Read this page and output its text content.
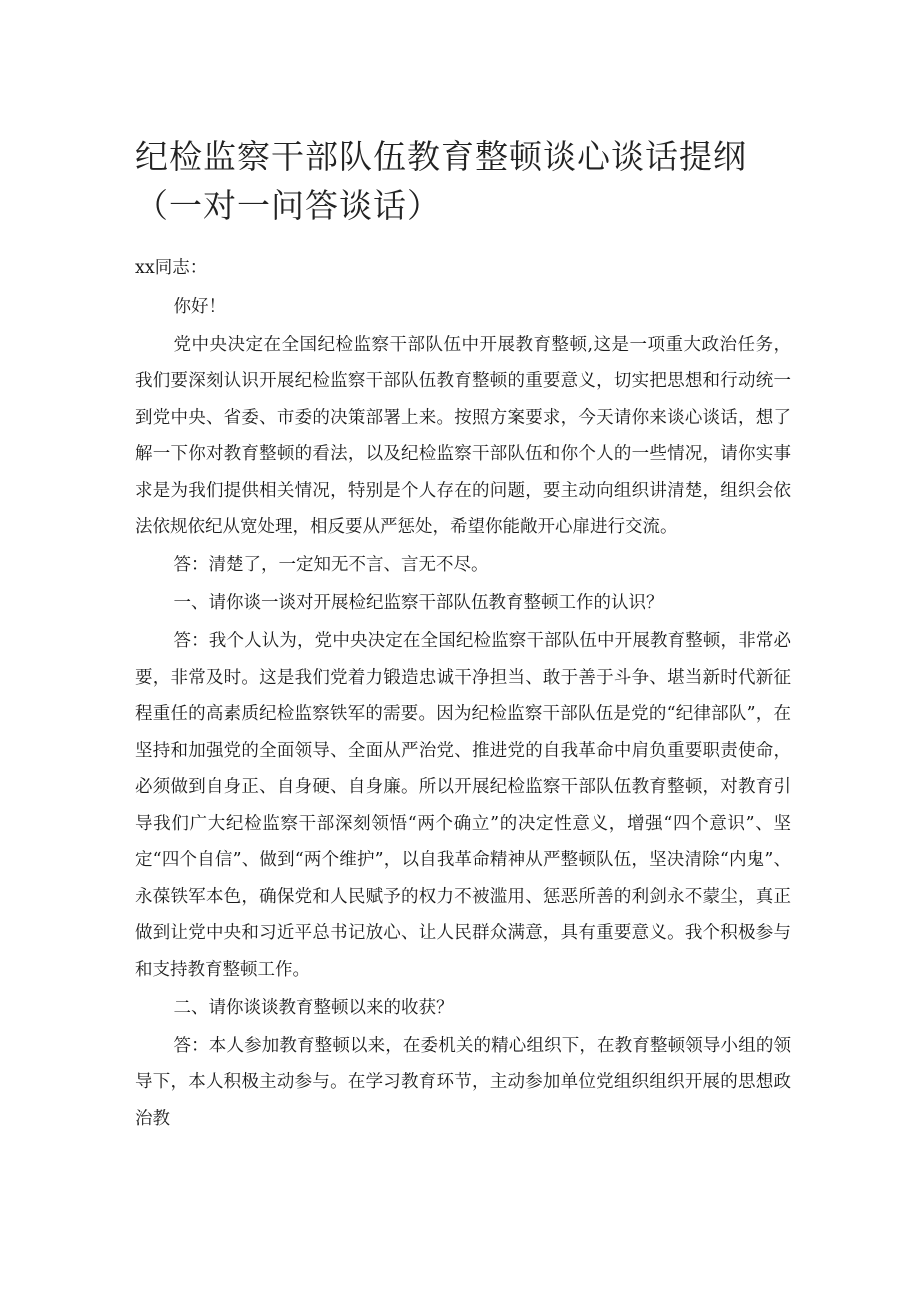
纪检监察干部队伍教育整顿谈心谈话提纲（一对一问答谈话）

xx同志：

你好！

党中央决定在全国纪检监察干部队伍中开展教育整顿,这是一项重大政治任务，我们要深刻认识开展纪检监察干部队伍教育整顿的重要意义，切实把思想和行动统一到党中央、省委、市委的决策部署上来。按照方案要求，今天请你来谈心谈话，想了解一下你对教育整顿的看法，以及纪检监察干部队伍和你个人的一些情况，请你实事求是为我们提供相关情况，特别是个人存在的问题，要主动向组织讲清楚，组织会依法依规依纪从宽处理，相反要从严惩处，希望你能敞开心扉进行交流。

答：清楚了，一定知无不言、言无不尽。

一、请你谈一谈对开展检纪监察干部队伍教育整顿工作的认识？

答：我个人认为，党中央决定在全国纪检监察干部队伍中开展教育整顿，非常必要，非常及时。这是我们党着力锻造忠诚干净担当、敢于善于斗争、堪当新时代新征程重任的高素质纪检监察铁军的需要。因为纪检监察干部队伍是党的“纪律部队”，在坚持和加强党的全面领导、全面从严治党、推进党的自我革命中肩负重要职责使命，必须做到自身正、自身硬、自身廉。所以开展纪检监察干部队伍教育整顿，对教育引导我们广大纪检监察干部深刻领悟“两个确立”的决定性意义，增强“四个意识”、坚定“四个自信”、做到“两个维护”，以自我革命精神从严整顿队伍，坚决清除“内鬼”、永葆铁军本色，确保党和人民赋予的权力不被滥用、惩恶所善的利剑永不蒙尘，真正做到让党中央和习近平总书记放心、让人民群众满意，具有重要意义。我个积极参与和支持教育整顿工作。

二、请你谈谈教育整顿以来的收获？

答：本人参加教育整顿以来，在委机关的精心组织下，在教育整顿领导小组的领导下，本人积极主动参与。在学习教育环节，主动参加单位党组织组织开展的思想政治教
